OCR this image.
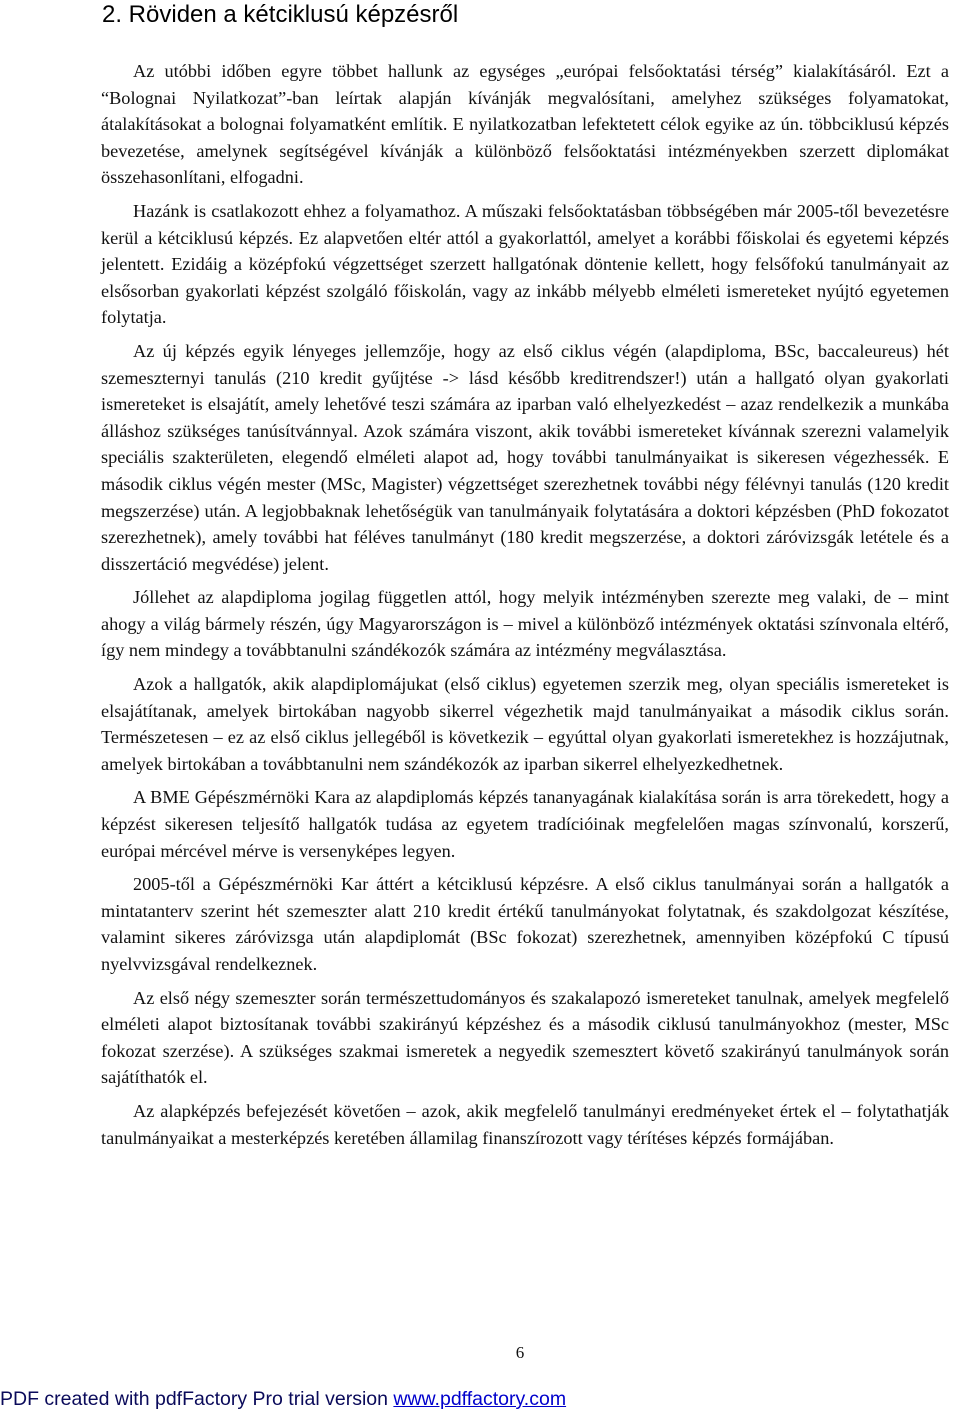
2. Röviden a kétciklusú képzésről

Az utóbbi időben egyre többet hallunk az egységes „európai felsőoktatási térség” kialakításáról. Ezt a “Bolognai Nyilatkozat”-ban leírtak alapján kívánják megvalósítani, amelyhez szükséges folyamatokat, átalakításokat a bolognai folyamatként említik. E nyilatkozatban lefektetett célok egyike az ún. többciklusú képzés bevezetése, amelynek segítségével kívánják a különböző felsőoktatási intézményekben szerzett diplomákat összehasonlítani, elfogadni.

Hazánk is csatlakozott ehhez a folyamathoz. A műszaki felsőoktatásban többségében már 2005-től bevezetésre kerül a kétciklusú képzés. Ez alapvetően eltér attól a gyakorlattól, amelyet a korábbi főiskolai és egyetemi képzés jelentett. Ezidáig a középfokú végzettséget szerzett hallgatónak döntenie kellett, hogy felsőfokú tanulmányait az elsősorban gyakorlati képzést szolgáló főiskolán, vagy az inkább mélyebb elméleti ismereteket nyújtó egyetemen folytatja.

Az új képzés egyik lényeges jellemzője, hogy az első ciklus végén (alapdiploma, BSc, baccaleureus) hét szemeszternyi tanulás (210 kredit gyűjtése -> lásd később kreditrendszer!) után a hallgató olyan gyakorlati ismereteket is elsajátít, amely lehetővé teszi számára az iparban való elhelyezkedést – azaz rendelkezik a munkába álláshoz szükséges tanúsítvánnyal. Azok számára viszont, akik további ismereteket kívánnak szerezni valamelyik speciális szakterületen, elegendő elméleti alapot ad, hogy további tanulmányaikat is sikeresen végezhessék. E második ciklus végén mester (MSc, Magister) végzettséget szerezhetnek további négy félévnyi tanulás (120 kredit megszerzése) után. A legjobbaknak lehetőségük van tanulmányaik folytatására a doktori képzésben (PhD fokozatot szerezhetnek), amely további hat féléves tanulmányt (180 kredit megszerzése, a doktori záróvizsgák letétele és a disszertáció megvédése) jelent.

Jóllehet az alapdiploma jogilag független attól, hogy melyik intézményben szerezte meg valaki, de – mint ahogy a világ bármely részén, úgy Magyarországon is – mivel a különböző intézmények oktatási színvonala eltérő, így nem mindegy a továbbtanulni szándékozók számára az intézmény megválasztása.

Azok a hallgatók, akik alapdiplomájukat (első ciklus) egyetemen szerzik meg, olyan speciális ismereteket is elsajátítanak, amelyek birtokában nagyobb sikerrel végezhetik majd tanulmányaikat a második ciklus során. Természetesen – ez az első ciklus jellegéből is következik – egyúttal olyan gyakorlati ismeretekhez is hozzájutnak, amelyek birtokában a továbbtanulni nem szándékozók az iparban sikerrel elhelyezkedhetnek.

A BME Gépészmérnöki Kara az alapdiplomás képzés tananyagának kialakítása során is arra törekedett, hogy a képzést sikeresen teljesítő hallgatók tudása az egyetem tradícióinak megfelelően magas színvonalú, korszerű, európai mércével mérve is versenyképes legyen.

2005-től a Gépészmérnöki Kar áttért a kétciklusú képzésre. A első ciklus tanulmányai során a hallgatók a mintatanterv szerint hét szemeszter alatt 210 kredit értékű tanulmányokat folytatnak, és szakdolgozat készítése, valamint sikeres záróvizsga után alapdiplomát (BSc fokozat) szerezhetnek, amennyiben középfokú C típusú nyelvvizsgával rendelkeznek.

Az első négy szemeszter során természettudományos és szakalapozó ismereteket tanulnak, amelyek megfelelő elméleti alapot biztosítanak további szakirányú képzéshez és a második ciklusú tanulmányokhoz (mester, MSc fokozat szerzése). A szükséges szakmai ismeretek a negyedik szemesztert követő szakirányú tanulmányok során sajátíthatók el.

Az alapképzés befejezését követően – azok, akik megfelelő tanulmányi eredményeket értek el – folytathatják tanulmányaikat a mesterképzés keretében államilag finanszírozott vagy térítéses képzés formájában.

6
PDF created with pdfFactory Pro trial version www.pdffactory.com
